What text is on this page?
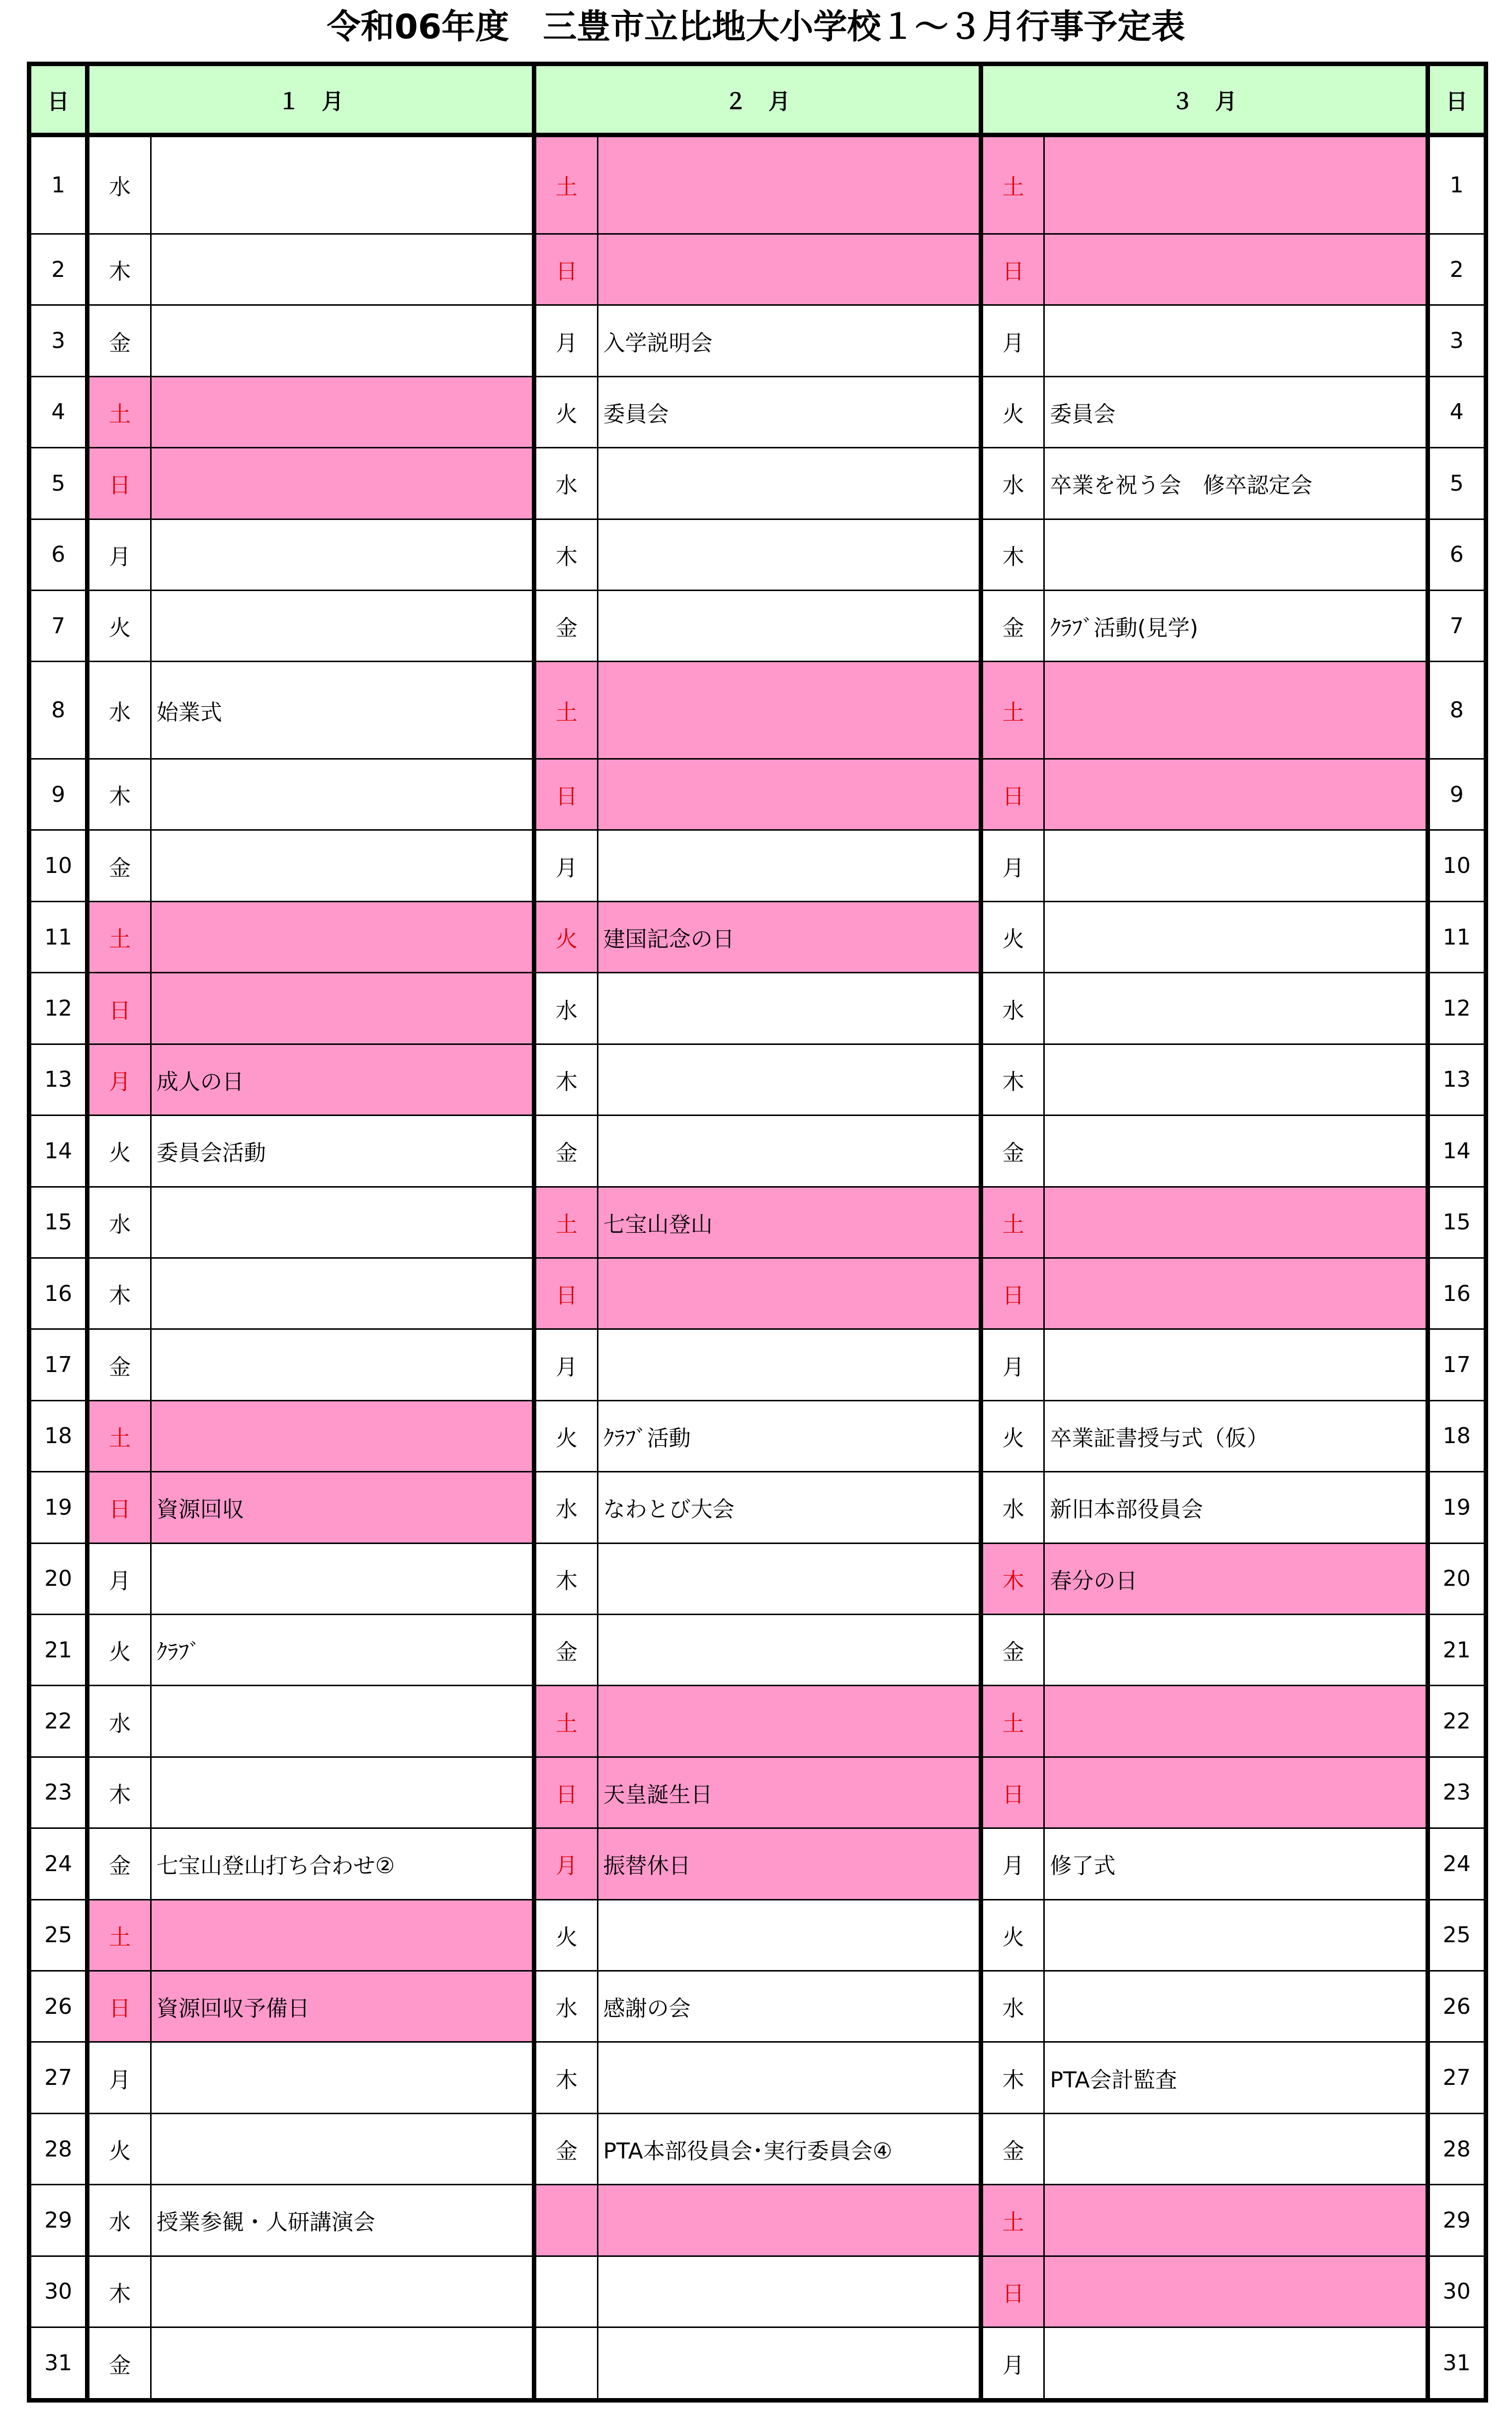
令和06年度　三豊市立比地大小学校１～３月行事予定表
日	１　月		２　月		３　月		日
1	水		土		土		1
2	木		日		日		2
3	金		月	入学説明会	月		3
4	土		火	委員会	火	委員会	4
5	日		水		水	卒業を祝う会　修卒認定会	5
6	月		木		木		6
7	火		金		金	ｸﾗﾌﾞ活動(見学)	7
8	水	始業式	土		土		8
9	木		日		日		9
10	金		月		月		10
11	土		火	建国記念の日	火		11
12	日		水		水		12
13	月	成人の日	木		木		13
14	火	委員会活動	金		金		14
15	水		土	七宝山登山	土		15
16	木		日		日		16
17	金		月		月		17
18	土		火	ｸﾗﾌﾞ活動	火	卒業証書授与式（仮）	18
19	日	資源回収	水	なわとび大会	水	新旧本部役員会	19
20	月		木		木	春分の日	20
21	火	ｸﾗﾌﾞ	金		金		21
22	水		土		土		22
23	木		日	天皇誕生日	日		23
24	金	七宝山登山打ち合わせ②	月	振替休日	月	修了式	24
25	土		火		火		25
26	日	資源回収予備日	水	感謝の会	水		26
27	月		木		木	PTA会計監査	27
28	火		金	PTA本部役員会･実行委員会④	金		28
29	水	授業参観・人研講演会			土		29
30	木				日		30
31	金				月		31
